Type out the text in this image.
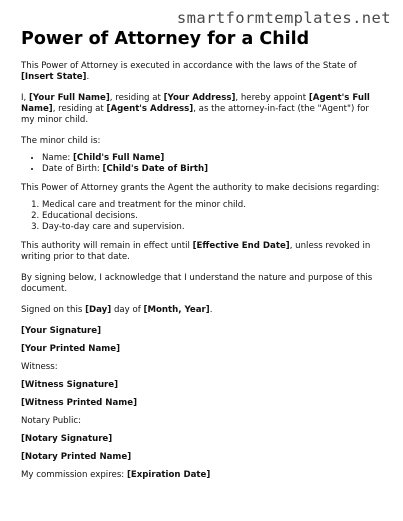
smartformtemplates.net
Power of Attorney for a Child

This Power of Attorney is executed in accordance with the laws of the State of [Insert State].

I, [Your Full Name], residing at [Your Address], hereby appoint [Agent's Full Name], residing at [Agent's Address], as the attorney-in-fact (the "Agent") for my minor child.

The minor child is:

• Name: [Child's Full Name]
• Date of Birth: [Child's Date of Birth]

This Power of Attorney grants the Agent the authority to make decisions regarding:

1. Medical care and treatment for the minor child.
2. Educational decisions.
3. Day-to-day care and supervision.

This authority will remain in effect until [Effective End Date], unless revoked in writing prior to that date.

By signing below, I acknowledge that I understand the nature and purpose of this document.

Signed on this [Day] day of [Month, Year].

[Your Signature]

[Your Printed Name]

Witness:

[Witness Signature]

[Witness Printed Name]

Notary Public:

[Notary Signature]

[Notary Printed Name]

My commission expires: [Expiration Date]
